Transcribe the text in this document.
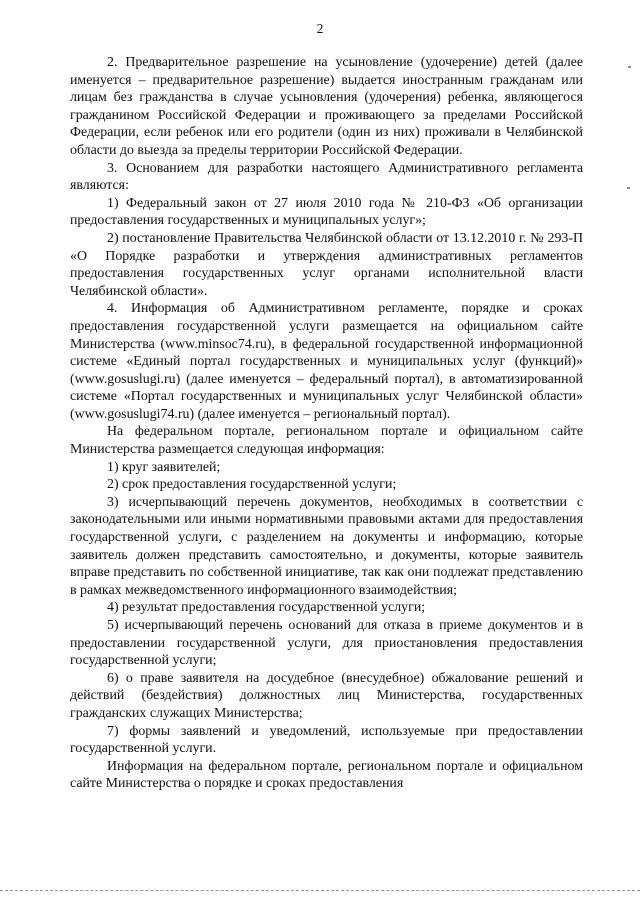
2

2. Предварительное разрешение на усыновление (удочерение) детей (далее именуется – предварительное разрешение) выдается иностранным гражданам или лицам без гражданства в случае усыновления (удочерения) ребенка, являющегося гражданином Российской Федерации и проживающего за пределами Российской Федерации, если ребенок или его родители (один из них) проживали в Челябинской области до выезда за пределы территории Российской Федерации.

3. Основанием для разработки настоящего Административного регламента являются:

1) Федеральный закон от 27 июля 2010 года № 210-ФЗ «Об организации предоставления государственных и муниципальных услуг»;

2) постановление Правительства Челябинской области от 13.12.2010 г. № 293-П «О Порядке разработки и утверждения административных регламентов предоставления государственных услуг органами исполнительной власти Челябинской области».

4. Информация об Административном регламенте, порядке и сроках предоставления государственной услуги размещается на официальном сайте Министерства (www.minsoc74.ru), в федеральной государственной информационной системе «Единый портал государственных и муниципальных услуг (функций)» (www.gosuslugi.ru) (далее именуется – федеральный портал), в автоматизированной системе «Портал государственных и муниципальных услуг Челябинской области» (www.gosuslugi74.ru) (далее именуется – региональный портал).

На федеральном портале, региональном портале и официальном сайте Министерства размещается следующая информация:

1) круг заявителей;

2) срок предоставления государственной услуги;

3) исчерпывающий перечень документов, необходимых в соответствии с законодательными или иными нормативными правовыми актами для предоставления государственной услуги, с разделением на документы и информацию, которые заявитель должен представить самостоятельно, и документы, которые заявитель вправе представить по собственной инициативе, так как они подлежат представлению в рамках межведомственного информационного взаимодействия;

4) результат предоставления государственной услуги;

5) исчерпывающий перечень оснований для отказа в приеме документов и в предоставлении государственной услуги, для приостановления предоставления государственной услуги;

6) о праве заявителя на досудебное (внесудебное) обжалование решений и действий (бездействия) должностных лиц Министерства, государственных гражданских служащих Министерства;

7) формы заявлений и уведомлений, используемые при предоставлении государственной услуги.

Информация на федеральном портале, региональном портале и официальном сайте Министерства о порядке и сроках предоставления
